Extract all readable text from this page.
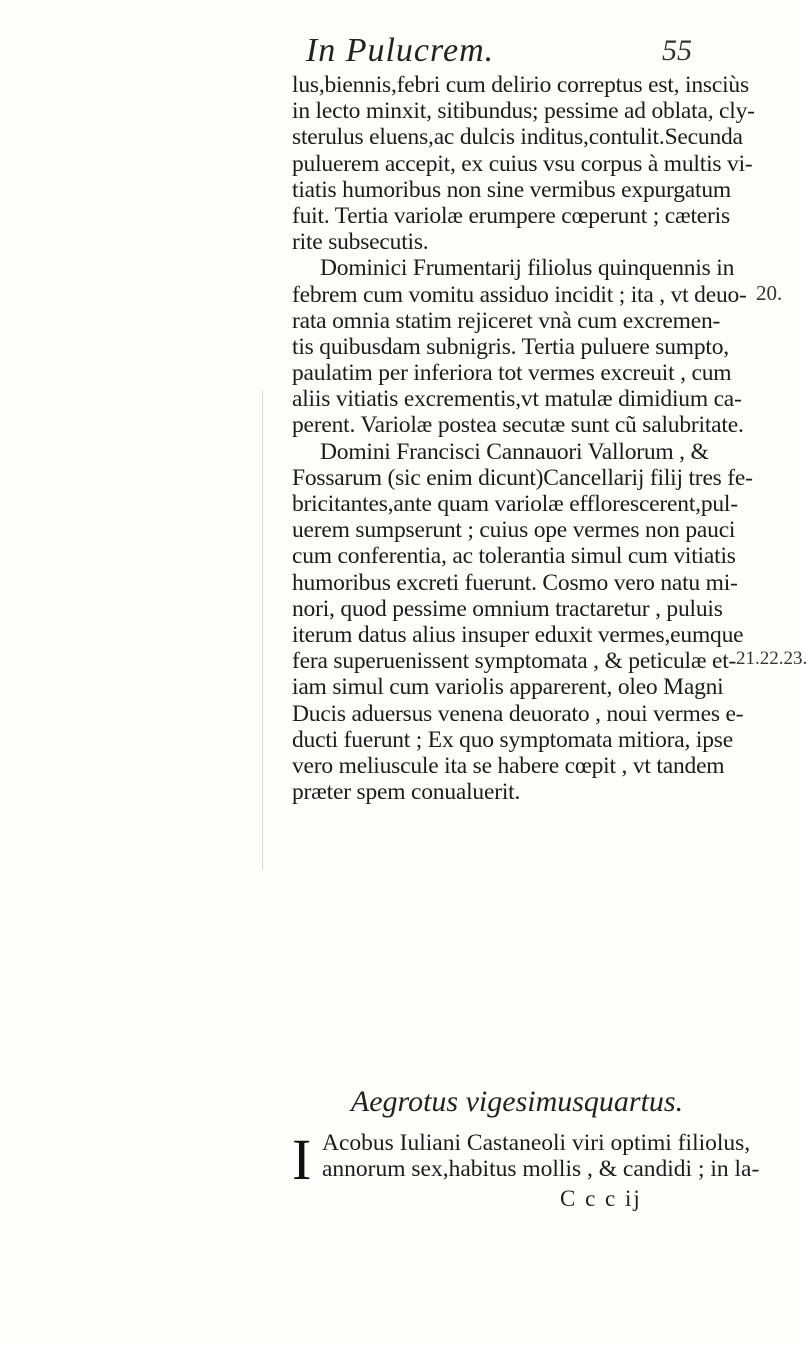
In Pulucrem.	55
lus,biennis,febri cum delirio correptus est, insciùs
in lecto minxit, sitibundus; pessime ad oblata, cly-
sterulus eluens,ac dulcis inditus,contulit.Secunda
puluerem accepit, ex cuius vsu corpus à multis vi-
tiatis humoribus non sine vermibus expurgatum
fuit. Tertia variolæ erumpere cœperunt ; cæteris
rite subsecutis.
Dominici Frumentarij filiolus quinquennis in
febrem cum vomitu assiduo incidit ; ita , vt deuo-
rata omnia statim rejiceret vnà cum excremen-
tis quibusdam subnigris. Tertia puluere sumpto,
paulatim per inferiora tot vermes excreuit , cum
aliis vitiatis excrementis,vt matulæ dimidium ca-
perent. Variolæ postea secutæ sunt cũ salubritate.
Domini Francisci Cannauori Vallorum , &
Fossarum (sic enim dicunt)Cancellarij filij tres fe-
bricitantes,ante quam variolæ efflorescerent,pul-
uerem sumpserunt ; cuius ope vermes non pauci
cum conferentia, ac tolerantia simul cum vitiatis
humoribus excreti fuerunt. Cosmo vero natu mi-
nori, quod pessime omnium tractaretur , puluis
iterum datus alius insuper eduxit vermes,eumque
fera superuenissent symptomata , & peticulæ et-
iam simul cum variolis apparerent, oleo Magni
Ducis aduersus venena deuorato , noui vermes e-
ducti fuerunt ; Ex quo symptomata mitiora, ipse
vero meliuscule ita se habere cœpit , vt tandem
præter spem conualuerit.
20.
21.22.23.
Aegrotus vigesimusquartus.
I Acobus Iuliani Castaneoli viri optimi filiolus,
annorum sex,habitus mollis , & candidi ; in la-
C c c ij
